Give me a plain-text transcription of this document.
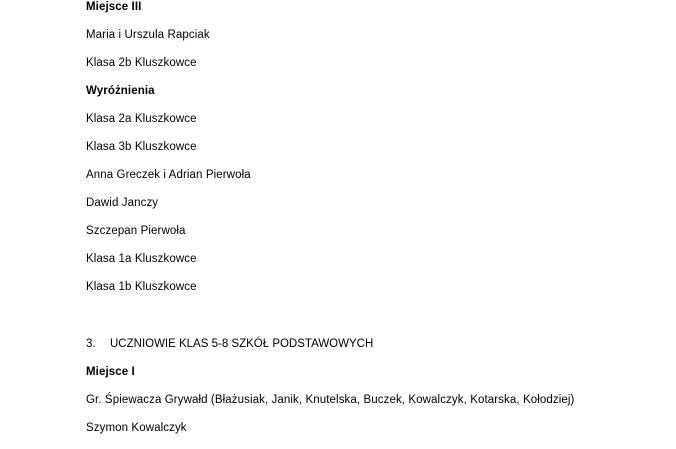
Miejsce III
Maria i Urszula Rapciak
Klasa 2b Kluszkowce
Wyróżnienia
Klasa 2a Kluszkowce
Klasa 3b Kluszkowce
Anna Greczek i Adrian Pierwoła
Dawid Janczy
Szczepan Pierwoła
Klasa 1a Kluszkowce
Klasa 1b Kluszkowce
3. UCZNIOWIE KLAS 5-8 SZKÓŁ PODSTAWOWYCH
Miejsce I
Gr. Śpiewacza Grywałd (Błażusiak, Janik, Knutelska, Buczek, Kowalczyk, Kotarska, Kołodziej)
Szymon Kowalczyk
